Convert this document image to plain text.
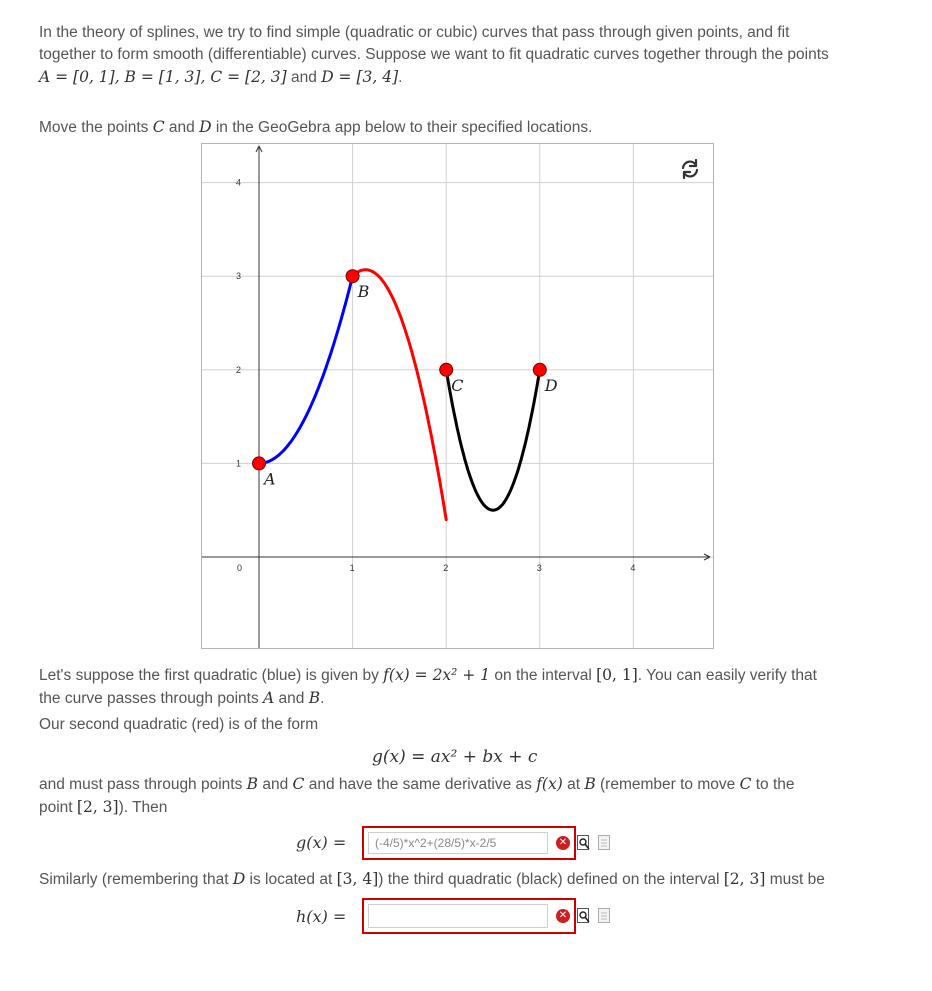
In the theory of splines, we try to find simple (quadratic or cubic) curves that pass through given points, and fit
together to form smooth (differentiable) curves. Suppose we want to fit quadratic curves together through the points
A = [0, 1], B = [1, 3], C = [2, 3] and D = [3, 4].
Move the points C and D in the GeoGebra app below to their specified locations.
0	1	2	3	4
1
2
3
4
A
B
C	D
Let's suppose the first quadratic (blue) is given by f(x) = 2x² + 1 on the interval [0, 1]. You can easily verify that
the curve passes through points A and B.
Our second quadratic (red) is of the form
g(x) = ax² + bx + c
and must pass through points B and C and have the same derivative as f(x) at B (remember to move C to the
point [2, 3]). Then
g(x) =
(-4/5)*x^2+(28/5)*x-2/5	✕
Similarly (remembering that D is located at [3, 4]) the third quadratic (black) defined on the interval [2, 3] must be
h(x) =	✕
